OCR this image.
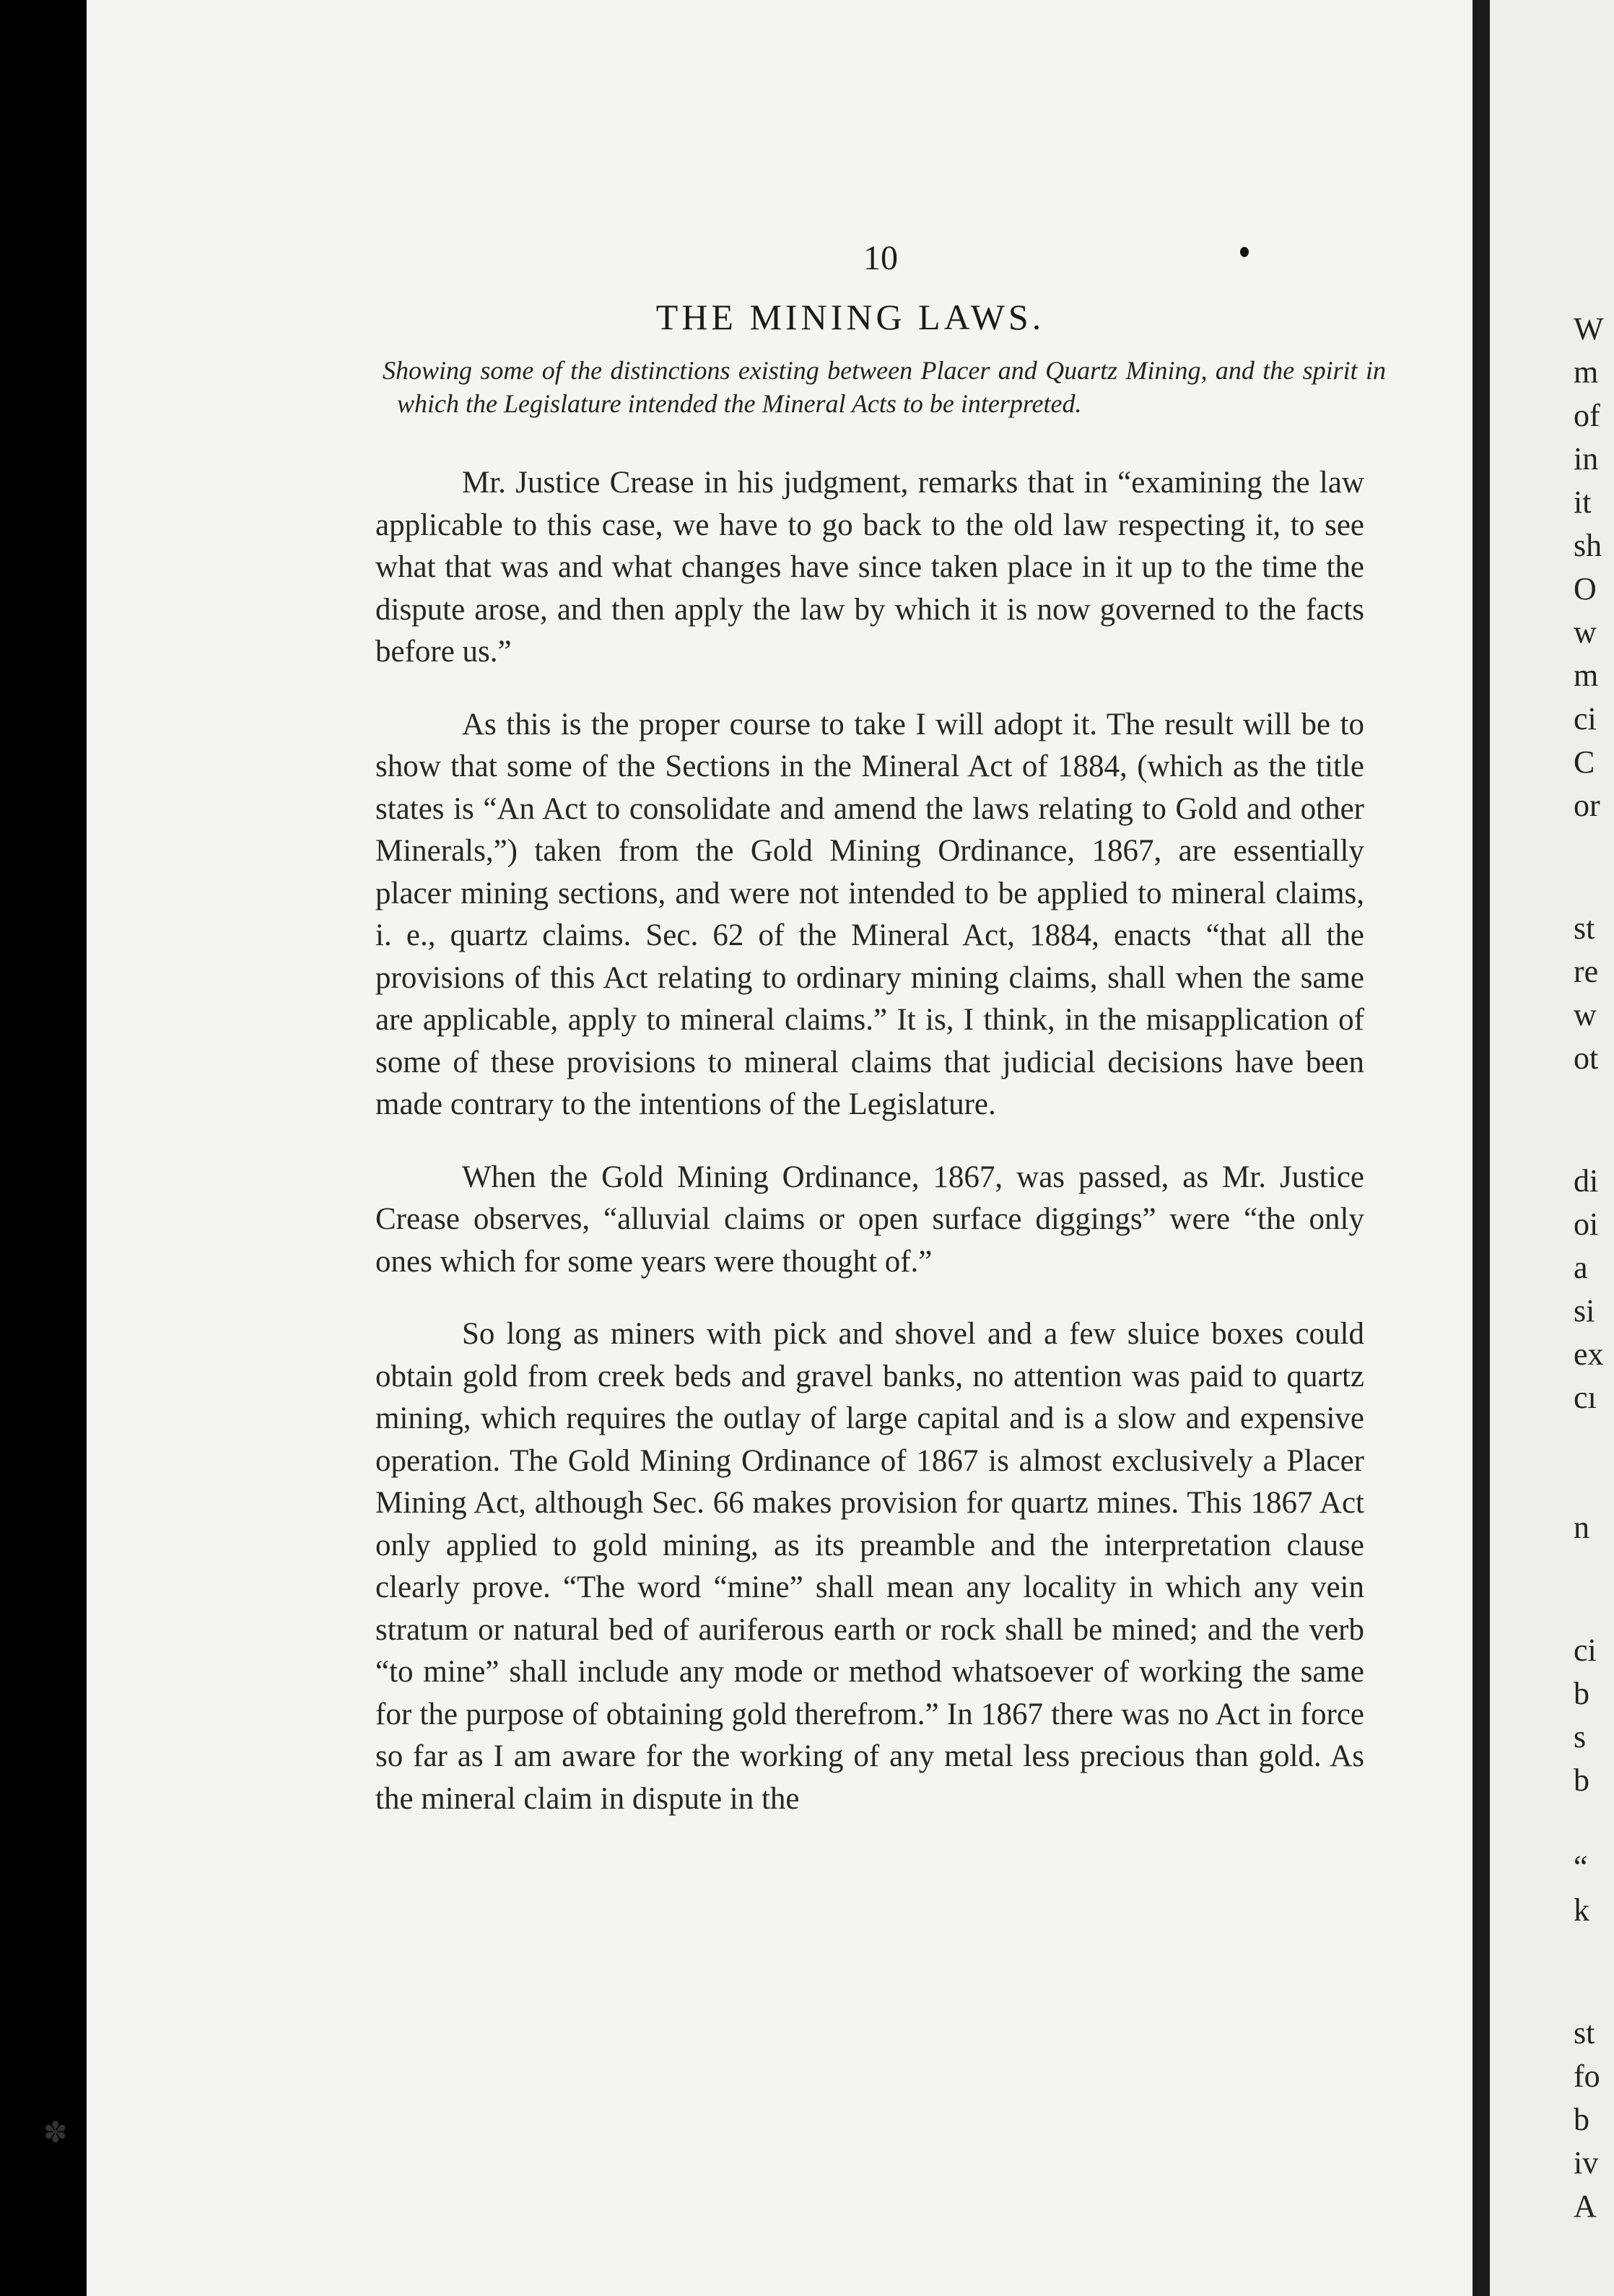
10
THE MINING LAWS.
Showing some of the distinctions existing between Placer and Quartz Mining, and the spirit in which the Legislature intended the Mineral Acts to be interpreted.

Mr. Justice Crease in his judgment, remarks that in “examining the law applicable to this case, we have to go back to the old law respecting it, to see what that was and what changes have since taken place in it up to the time the dispute arose, and then apply the law by which it is now governed to the facts before us.”

As this is the proper course to take I will adopt it. The result will be to show that some of the Sections in the Mineral Act of 1884, (which as the title states is “An Act to consolidate and amend the laws relating to Gold and other Minerals,”) taken from the Gold Mining Ordinance, 1867, are essentially placer mining sections, and were not intended to be applied to mineral claims, i. e., quartz claims. Sec. 62 of the Mineral Act, 1884, enacts “that all the provisions of this Act relating to ordinary mining claims, shall when the same are applicable, apply to mineral claims.” It is, I think, in the misapplication of some of these provisions to mineral claims that judicial decisions have been made contrary to the intentions of the Legislature.

When the Gold Mining Ordinance, 1867, was passed, as Mr. Justice Crease observes, “alluvial claims or open surface diggings” were “the only ones which for some years were thought of.”

So long as miners with pick and shovel and a few sluice boxes could obtain gold from creek beds and gravel banks, no attention was paid to quartz mining, which requires the outlay of large capital and is a slow and expensive operation. The Gold Mining Ordinance of 1867 is almost exclusively a Placer Mining Act, although Sec. 66 makes provision for quartz mines. This 1867 Act only applied to gold mining, as its preamble and the interpretation clause clearly prove. “The word “mine” shall mean any locality in which any vein stratum or natural bed of auriferous earth or rock shall be mined; and the verb “to mine” shall include any mode or method whatsoever of working the same for the purpose of obtaining gold therefrom.” In 1867 there was no Act in force so far as I am aware for the working of any metal less precious than gold. As the mineral claim in dispute in the

W
m
of
in
it
sh
O
w
m
ci
C
or
st
re
w
ot
di
oi
a
si
ex
cı
n
ci
b
s
b
“
k
st
fo
b
iv
A
✽
